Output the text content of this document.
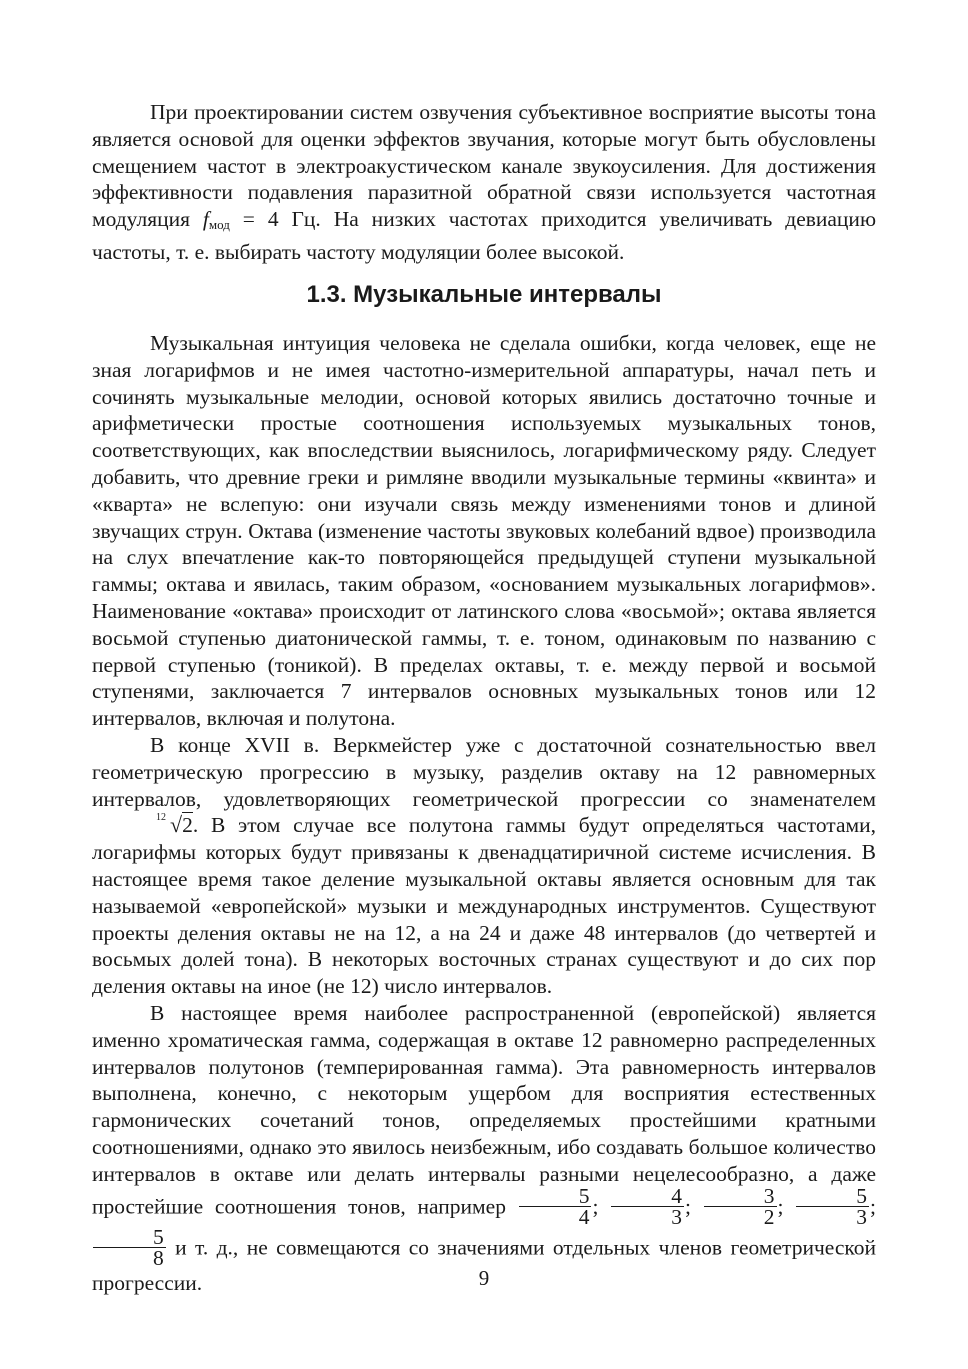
При проектировании систем озвучения субъективное восприятие высоты тона является основой для оценки эффектов звучания, которые могут быть обусловлены смещением частот в электроакустическом канале звукоусиления. Для достижения эффективности подавления паразитной обратной связи используется частотная модуляция $f_{мод} = 4$ Гц. На низких частотах приходится увеличивать девиацию частоты, т. е. выбирать частоту модуляции более высокой.

1.3. Музыкальные интервалы

Музыкальная интуиция человека не сделала ошибки, когда человек, еще не зная логарифмов и не имея частотно-измерительной аппаратуры, начал петь и сочинять музыкальные мелодии, основой которых явились достаточно точные и арифметически простые соотношения используемых музыкальных тонов, соответствующих, как впоследствии выяснилось, логарифмическому ряду. Следует добавить, что древние греки и римляне вводили музыкальные термины «квинта» и «кварта» не вслепую: они изучали связь между изменениями тонов и длиной звучащих струн. Октава (изменение частоты звуковых колебаний вдвое) производила на слух впечатление как-то повторяющейся предыдущей ступени музыкальной гаммы; октава и явилась, таким образом, «основанием музыкальных логарифмов». Наименование «октава» происходит от латинского слова «восьмой»; октава является восьмой ступенью диатонической гаммы, т. е. тоном, одинаковым по названию с первой ступенью (тоникой). В пределах октавы, т. е. между первой и восьмой ступенями, заключается 7 интервалов основных музыкальных тонов или 12 интервалов, включая и полутона.

В конце XVII в. Веркмейстер уже с достаточной сознательностью ввел геометрическую прогрессию в музыку, разделив октаву на 12 равномерных интервалов, удовлетворяющих геометрической прогрессии со знаменателем
12 √2. В этом случае все полутона гаммы будут определяться частотами, логарифмы которых будут привязаны к двенадцатиричной системе исчисления. В настоящее время такое деление музыкальной октавы является основным для так называемой «европейской» музыки и международных инструментов. Существуют проекты деления октавы не на 12, а на 24 и даже 48 интервалов (до четвертей и восьмых долей тона). В некоторых восточных странах существуют и до сих пор деления октавы на иное (не 12) число интервалов.

В настоящее время наиболее распространенной (европейской) является именно хроматическая гамма, содержащая в октаве 12 равномерно распределенных интервалов полутонов (темперированная гамма). Эта равномерность интервалов выполнена, конечно, с некоторым ущербом для восприятия естественных гармонических сочетаний тонов, определяемых простейшими кратными соотношениями, однако это явилось неизбежным, ибо создавать большое количество интервалов в октаве или делать интервалы разными нецелесообразно, а даже простейшие соотношения тонов, например $\frac{5}{4}$ ; $\frac{4}{3}$ ; $\frac{3}{2}$ ; $\frac{5}{3}$ ;
$\frac{5}{8}$ и т. д., не совмещаются со значениями отдельных членов геометрической прогрессии.	9
